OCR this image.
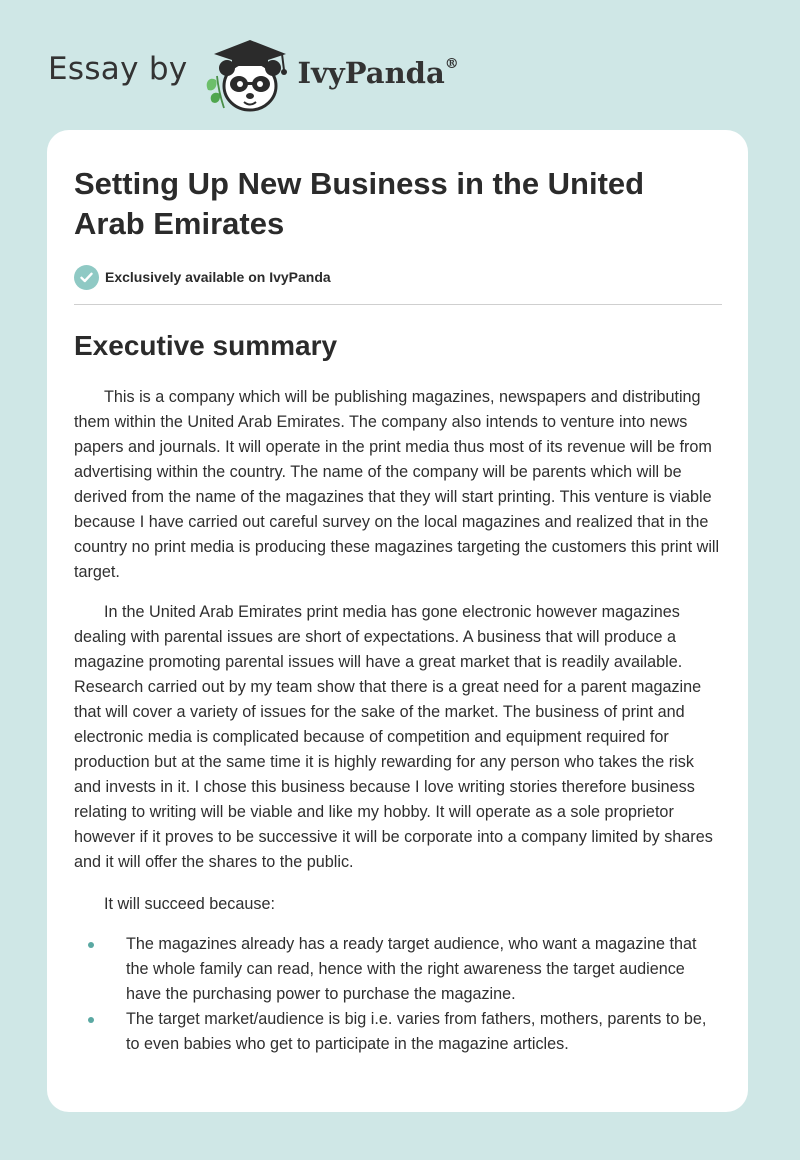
Essay by	IvyPanda®
Setting Up New Business in the United Arab Emirates
Exclusively available on IvyPanda
Executive summary

This is a company which will be publishing magazines, newspapers and distributing them within the United Arab Emirates. The company also intends to venture into news papers and journals. It will operate in the print media thus most of its revenue will be from advertising within the country. The name of the company will be parents which will be derived from the name of the magazines that they will start printing. This venture is viable because I have carried out careful survey on the local magazines and realized that in the country no print media is producing these magazines targeting the customers this print will target.

In the United Arab Emirates print media has gone electronic however magazines dealing with parental issues are short of expectations. A business that will produce a magazine promoting parental issues will have a great market that is readily available. Research carried out by my team show that there is a great need for a parent magazine that will cover a variety of issues for the sake of the market. The business of print and electronic media is complicated because of competition and equipment required for production but at the same time it is highly rewarding for any person who takes the risk and invests in it. I chose this business because I love writing stories therefore business relating to writing will be viable and like my hobby. It will operate as a sole proprietor however if it proves to be successive it will be corporate into a company limited by shares and it will offer the shares to the public.

It will succeed because:

The magazines already has a ready target audience, who want a magazine that the whole family can read, hence with the right awareness the target audience have the purchasing power to purchase the magazine.
The target market/audience is big i.e. varies from fathers, mothers, parents to be, to even babies who get to participate in the magazine articles.
